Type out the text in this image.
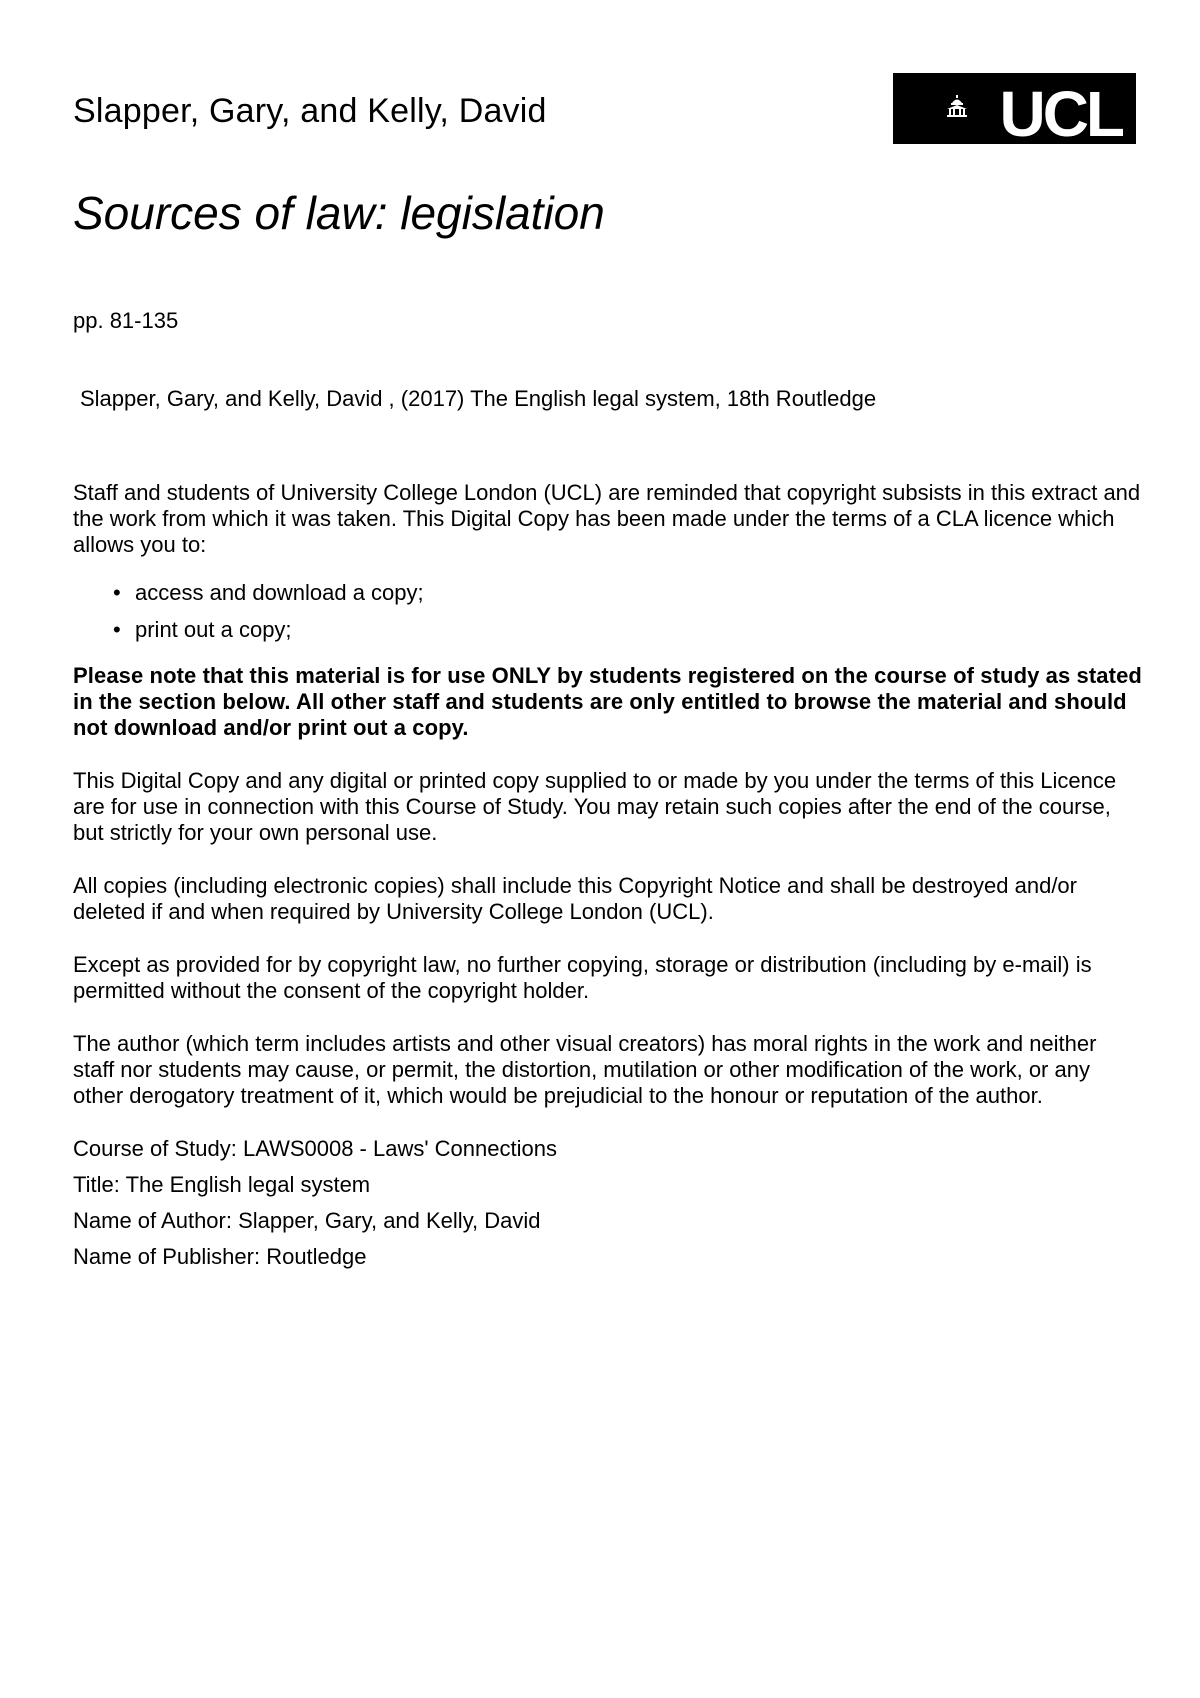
Slapper, Gary, and Kelly, David	UCL
Sources of law: legislation

pp. 81-135

Slapper, Gary, and Kelly, David , (2017) The English legal system, 18th Routledge

Staff and students of University College London (UCL) are reminded that copyright subsists in this extract and the work from which it was taken. This Digital Copy has been made under the terms of a CLA licence which allows you to:

• access and download a copy;
• print out a copy;

Please note that this material is for use ONLY by students registered on the course of study as stated in the section below. All other staff and students are only entitled to browse the material and should not download and/or print out a copy.

This Digital Copy and any digital or printed copy supplied to or made by you under the terms of this Licence are for use in connection with this Course of Study. You may retain such copies after the end of the course, but strictly for your own personal use.

All copies (including electronic copies) shall include this Copyright Notice and shall be destroyed and/or deleted if and when required by University College London (UCL).

Except as provided for by copyright law, no further copying, storage or distribution (including by e-mail) is permitted without the consent of the copyright holder.

The author (which term includes artists and other visual creators) has moral rights in the work and neither staff nor students may cause, or permit, the distortion, mutilation or other modification of the work, or any other derogatory treatment of it, which would be prejudicial to the honour or reputation of the author.

Course of Study: LAWS0008 - Laws' Connections
Title: The English legal system
Name of Author: Slapper, Gary, and Kelly, David
Name of Publisher: Routledge
